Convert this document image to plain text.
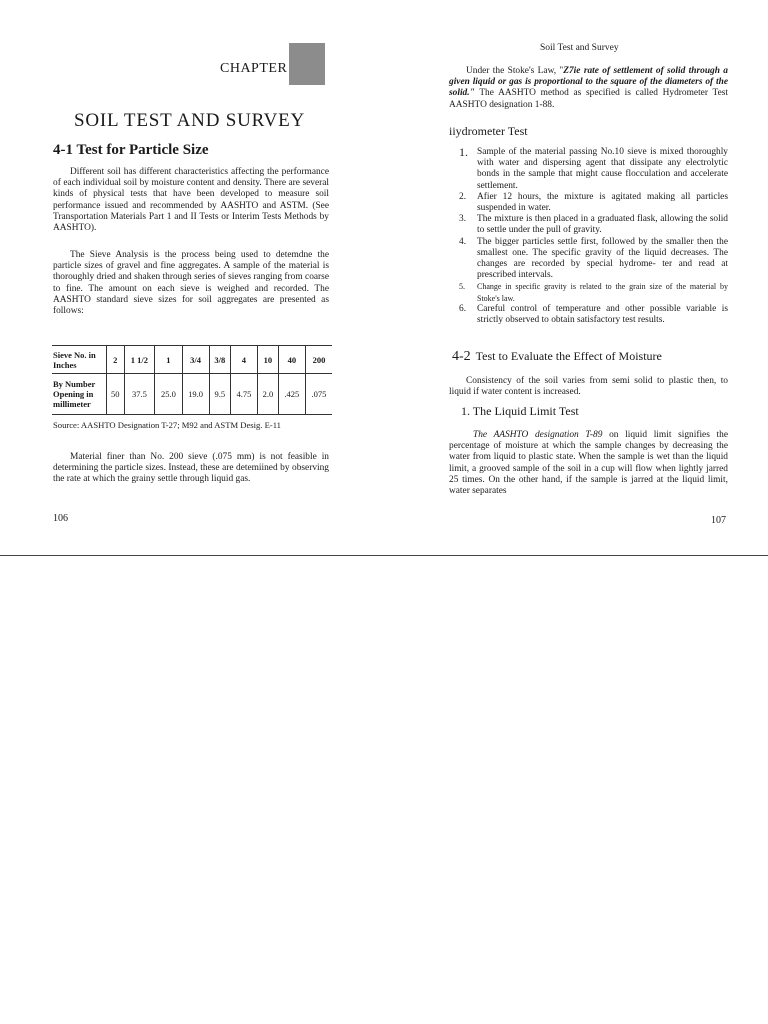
CHAPTER
SOIL TEST AND SURVEY
4-1 Test for Particle Size
Different soil has different characteristics affecting the performance of each individual soil by moisture content and density. There are several kinds of physical tests that have been developed to measure soil performance issued and recommended by AASHTO and ASTM. (See Transportation Materials Part 1 and II Tests or Interim Tests Methods by AASHTO).
The Sieve Analysis is the process being used to detemdne the particle sizes of gravel and fine aggregates. A sample of the material is thoroughly dried and shaken through series of sieves ranging from coarse to fine. The amount on each sieve is weighed and recorded. The AASHTO standard sieve sizes for soil aggregates are presented as follows:
Sieve No. in Inches	2	1 1/2	1	3/4	3/8	4	10	40	200
By Number Opening in millimeter	50	37.5	25.0	19.0	9.5	4.75	2.0	.425	.075
Source: AASHTO Designation T-27; M92 and ASTM Desig. E-11
Material finer than No. 200 sieve (.075 mm) is not feasible in determining the particle sizes. Instead, these are detemiined by observing the rate at which the grainy settle through liquid gas.
106
Soil Test and Survey
Under the Stoke's Law, "Z7ie rate of settlement of solid through a given liquid or gas is proportional to the square of the diameters of the solid." The AASHTO method as specified is called Hydrometer Test AASHTO designation 1-88.
iiydrometer Test
1. Sample of the material passing No.10 sieve is mixed thoroughly with water and dispersing agent that dissipate any electrolytic bonds in the sample that might cause flocculation and accelerate settlement.
2. Afier 12 hours, the mixture is agitated making all particles suspended in water.
3. The mixture is then placed in a graduated flask, allowing the solid to settle under the pull of gravity.
4. The bigger particles settle first, followed by the smaller then the smallest one. The specific gravity of the liquid decreases. The changes are recorded by special hydrome- ter and read at prescribed intervals.
5. Change in specific gravity is related to the grain size of the material by Stoke's law.
6. Careful control of temperature and other possible variable is strictly observed to obtain satisfactory test results.
4-2 Test to Evaluate the Effect of Moisture
Consistency of the soil varies from semi solid to plastic then, to liquid if water content is increased.
1. The Liquid Limit Test
The AASHTO designation T-89 on liquid limit signifies the percentage of moisture at which the sample changes by decreasing the water from liquid to plastic state. When the sample is wet than the liquid limit, a grooved sample of the soil in a cup will flow when lightly jarred 25 times. On the other hand, if the sample is jarred at the liquid limit, water separates
107
